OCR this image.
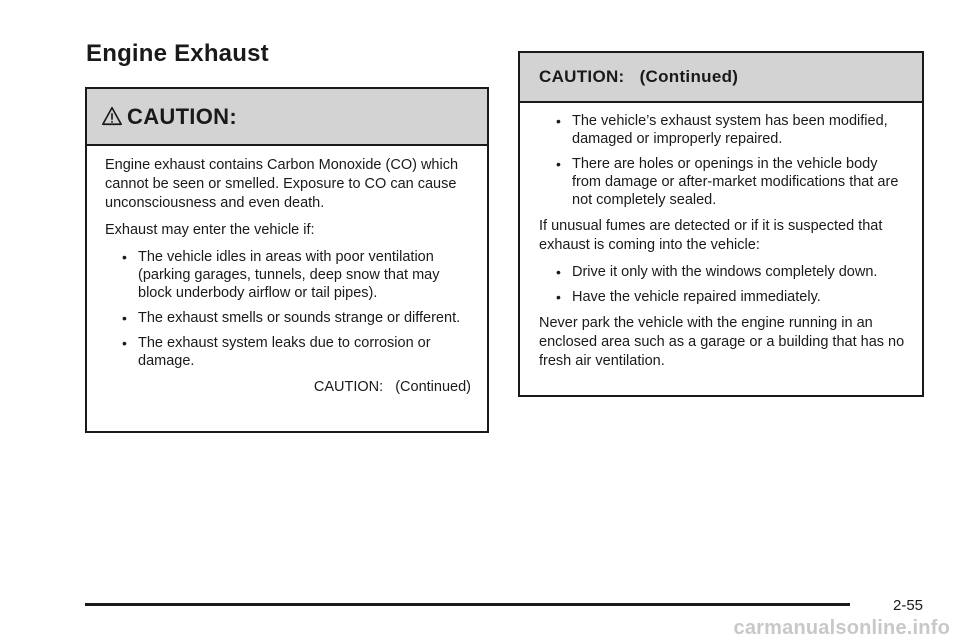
Engine Exhaust
CAUTION:

Engine exhaust contains Carbon Monoxide (CO) which cannot be seen or smelled. Exposure to CO can cause unconsciousness and even death.

Exhaust may enter the vehicle if:

• The vehicle idles in areas with poor ventilation (parking garages, tunnels, deep snow that may block underbody airflow or tail pipes).
• The exhaust smells or sounds strange or different.
• The exhaust system leaks due to corrosion or damage.
CAUTION:   (Continued)
CAUTION:   (Continued)
• The vehicle’s exhaust system has been modified, damaged or improperly repaired.
• There are holes or openings in the vehicle body from damage or after-market modifications that are not completely sealed.

If unusual fumes are detected or if it is suspected that exhaust is coming into the vehicle:

• Drive it only with the windows completely down.
• Have the vehicle repaired immediately.

Never park the vehicle with the engine running in an enclosed area such as a garage or a building that has no fresh air ventilation.

2-55
carmanualsonline.info
